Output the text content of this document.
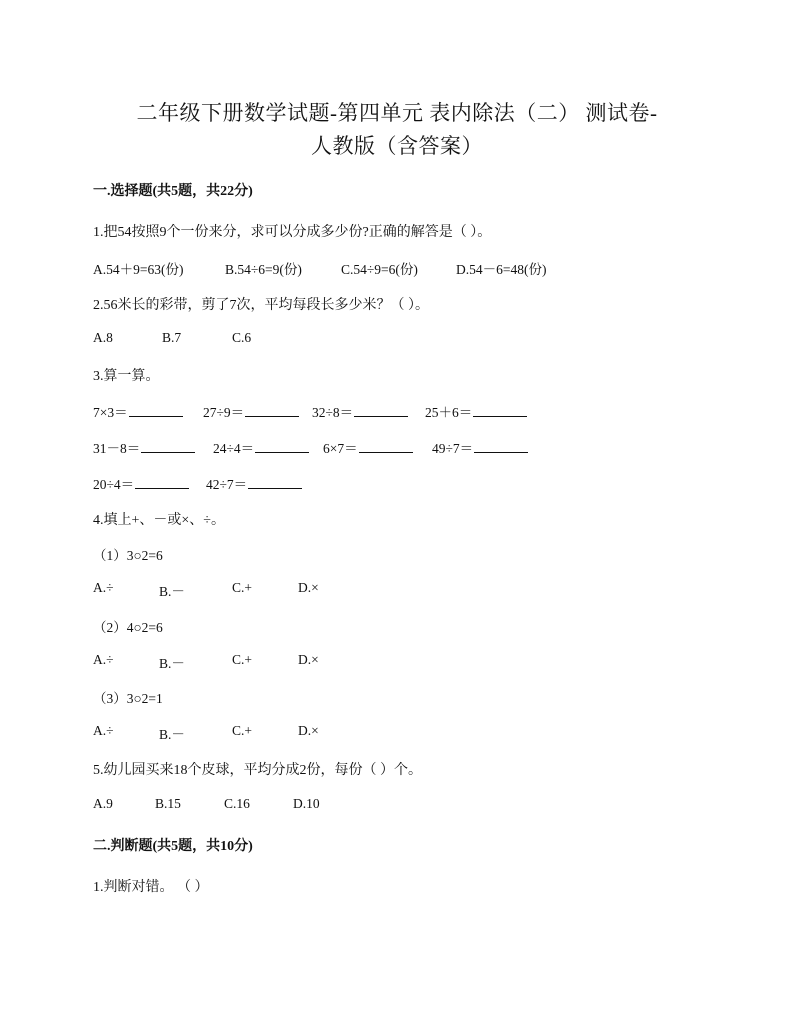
二年级下册数学试题-第四单元 表内除法（二） 测试卷-
人教版（含答案）
一.选择题(共5题，共22分)
1.把54按照9个一份来分，求可以分成多少份?正确的解答是（ ）。
A.54＋9=63(份)	B.54÷6=9(份)	C.54÷9=6(份)	D.54－6=48(份)
2.56米长的彩带，剪了7次，平均每段长多少米？（ ）。
A.8	B.7	C.6
3.算一算。
7×3＝	27÷9＝	32÷8＝	25＋6＝
31－8＝	24÷4＝	6×7＝	49÷7＝
20÷4＝	42÷7＝
4.填上+、－或×、÷。
（1）3○2=6
A.÷	B.－	C.+	D.×
（2）4○2=6
A.÷	B.－	C.+	D.×
（3）3○2=1
A.÷	B.－	C.+	D.×
5.幼儿园买来18个皮球，平均分成2份，每份（ ）个。
A.9	B.15	C.16	D.10
二.判断题(共5题，共10分)
1.判断对错。 （ ）
